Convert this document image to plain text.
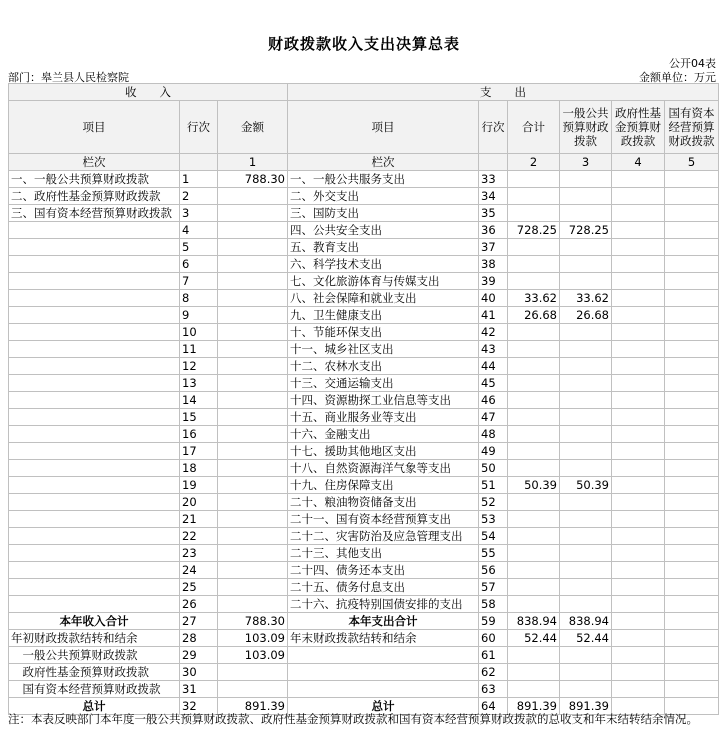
财政拨款收入支出决算总表
公开04表
部门：皋兰县人民检察院	金额单位：万元
收　　入			支　　出					
项目	行次	金额	项目	行次	合计	一般公共预算财政拨款	政府性基金预算财政拨款	国有资本经营预算财政拨款
栏次		1	栏次		2	3	4	5
一、一般公共预算财政拨款	1	788.30	一、一般公共服务支出	33				
二、政府性基金预算财政拨款	2		二、外交支出	34				
三、国有资本经营预算财政拨款	3		三、国防支出	35				
	4		四、公共安全支出	36	728.25	728.25		
	5		五、教育支出	37				
	6		六、科学技术支出	38				
	7		七、文化旅游体育与传媒支出	39				
	8		八、社会保障和就业支出	40	33.62	33.62		
	9		九、卫生健康支出	41	26.68	26.68		
	10		十、节能环保支出	42				
	11		十一、城乡社区支出	43				
	12		十二、农林水支出	44				
	13		十三、交通运输支出	45				
	14		十四、资源勘探工业信息等支出	46				
	15		十五、商业服务业等支出	47				
	16		十六、金融支出	48				
	17		十七、援助其他地区支出	49				
	18		十八、自然资源海洋气象等支出	50				
	19		十九、住房保障支出	51	50.39	50.39		
	20		二十、粮油物资储备支出	52				
	21		二十一、国有资本经营预算支出	53				
	22		二十二、灾害防治及应急管理支出	54				
	23		二十三、其他支出	55				
	24		二十四、债务还本支出	56				
	25		二十五、债务付息支出	57				
	26		二十六、抗疫特别国债安排的支出	58				
本年收入合计	27	788.30	本年支出合计	59	838.94	838.94		
年初财政拨款结转和结余	28	103.09	年末财政拨款结转和结余	60	52.44	52.44		
　一般公共预算财政拨款	29	103.09		61				
　政府性基金预算财政拨款	30			62				
　国有资本经营预算财政拨款	31			63				
总计	32	891.39	总计	64	891.39	891.39		
注：本表反映部门本年度一般公共预算财政拨款、政府性基金预算财政拨款和国有资本经营预算财政拨款的总收支和年末结转结余情况。
